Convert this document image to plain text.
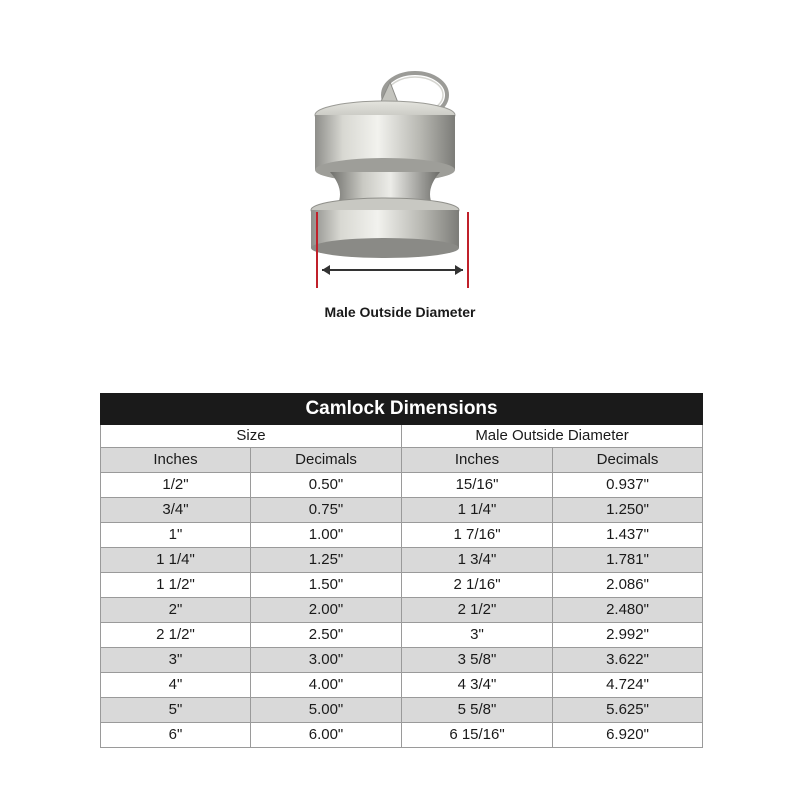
Male Outside Diameter
Camlock Dimensions			
Size		Male Outside Diameter	
Inches	Decimals	Inches	Decimals
1/2"	0.50"	15/16"	0.937"
3/4"	0.75"	1 1/4"	1.250"
1"	1.00"	1 7/16"	1.437"
1 1/4"	1.25"	1 3/4"	1.781"
1 1/2"	1.50"	2 1/16"	2.086"
2"	2.00"	2 1/2"	2.480"
2 1/2"	2.50"	3"	2.992"
3"	3.00"	3 5/8"	3.622"
4"	4.00"	4 3/4"	4.724"
5"	5.00"	5 5/8"	5.625"
6"	6.00"	6 15/16"	6.920"
